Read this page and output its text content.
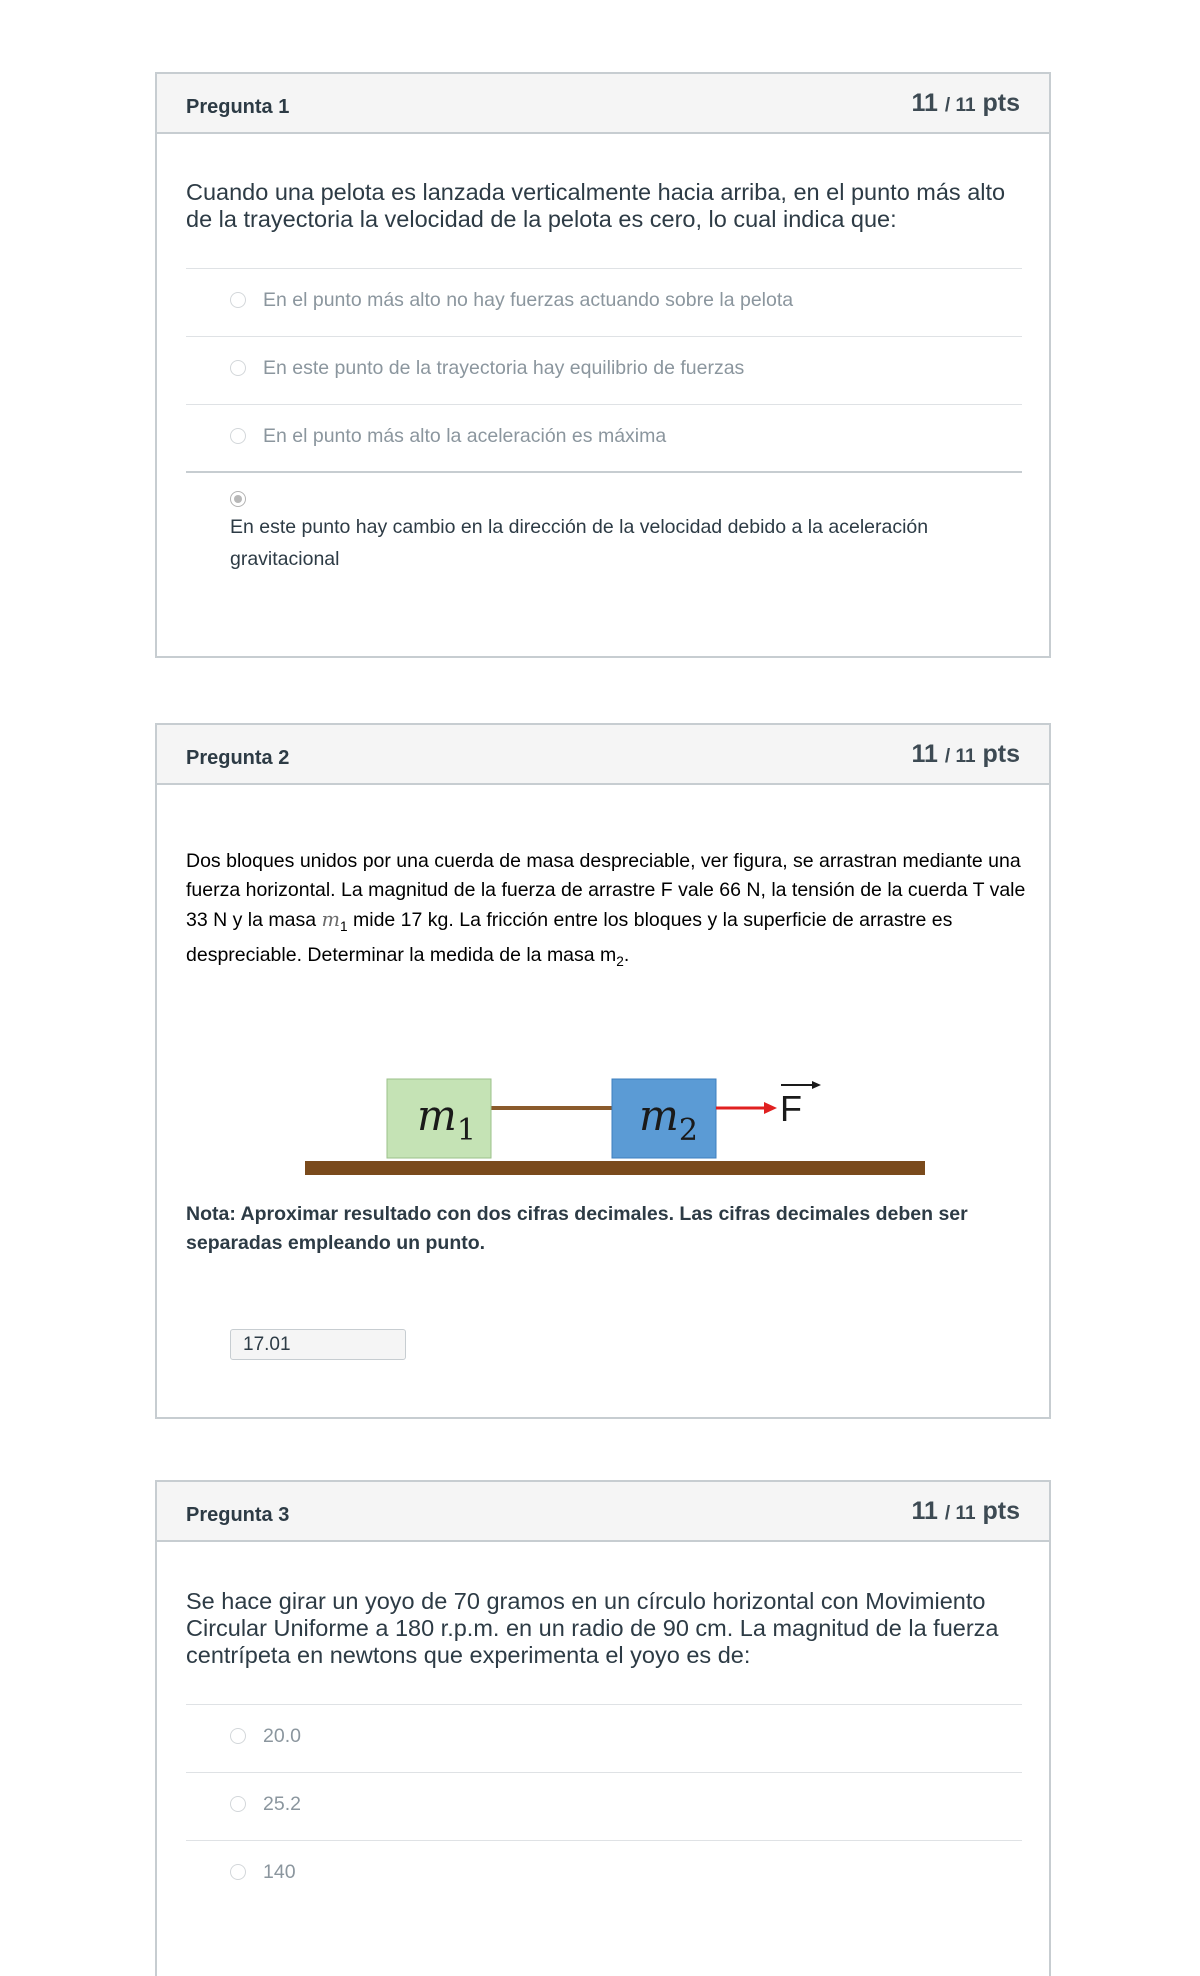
Pregunta 1	11 / 11 pts
Cuando una pelota es lanzada verticalmente hacia arriba, en el punto más alto de la trayectoria la velocidad de la pelota es cero, lo cual indica que:
En el punto más alto no hay fuerzas actuando sobre la pelota
En este punto de la trayectoria hay equilibrio de fuerzas
En el punto más alto la aceleración es máxima
En este punto hay cambio en la dirección de la velocidad debido a la aceleración gravitacional
Pregunta 2	11 / 11 pts
Dos bloques unidos por una cuerda de masa despreciable, ver figura, se arrastran mediante una fuerza horizontal. La magnitud de la fuerza de arrastre F vale 66 N, la tensión de la cuerda T vale 33 N y la masa $m_1$ mide 17 kg. La fricción entre los bloques y la superficie de arrastre es despreciable. Determinar la medida de la masa $m_2$.
$m_1$	$m_2$
F
Nota: Aproximar resultado con dos cifras decimales. Las cifras decimales deben ser separadas empleando un punto.
17.01
Pregunta 3	11 / 11 pts
Se hace girar un yoyo de 70 gramos en un círculo horizontal con Movimiento Circular Uniforme a 180 r.p.m. en un radio de 90 cm. La magnitud de la fuerza centrípeta en newtons que experimenta el yoyo es de:
20.0
25.2
140
